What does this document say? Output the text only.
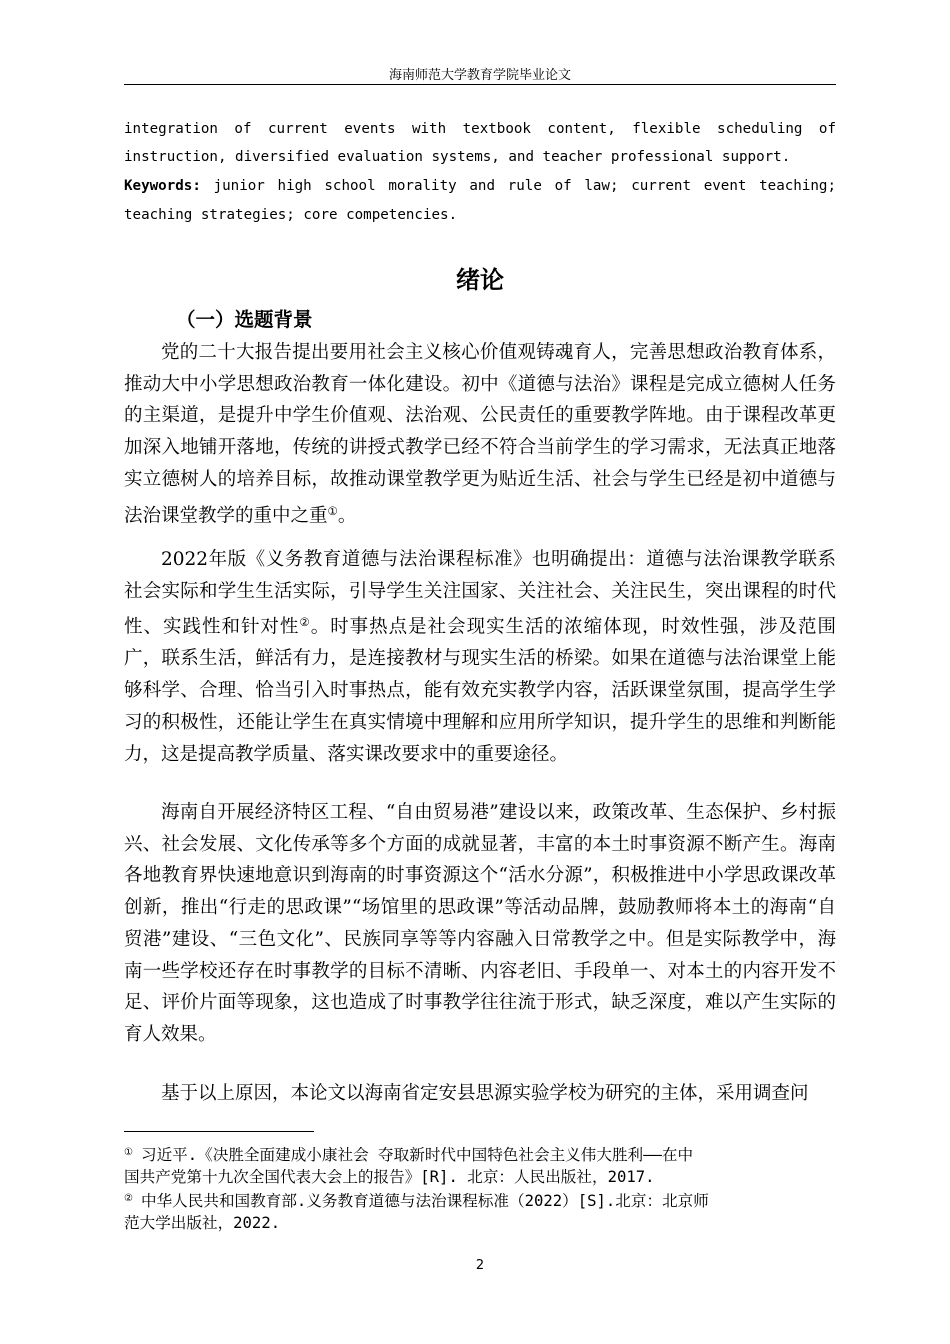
海南师范大学教育学院毕业论文
integration of current events with textbook content, flexible scheduling of
instruction, diversified evaluation systems, and teacher professional support.
Keywords: junior high school morality and rule of law; current event teaching;
teaching strategies; core competencies.
绪论
（一）选题背景

党的二十大报告提出要用社会主义核心价值观铸魂育人，完善思想政治教育体系，推动大中小学思想政治教育一体化建设。初中《道德与法治》课程是完成立德树人任务的主渠道，是提升中学生价值观、法治观、公民责任的重要教学阵地。由于课程改革更加深入地铺开落地，传统的讲授式教学已经不符合当前学生的学习需求，无法真正地落实立德树人的培养目标，故推动课堂教学更为贴近生活、社会与学生已经是初中道德与法治课堂教学的重中之重①。

2022年版《义务教育道德与法治课程标准》也明确提出：道德与法治课教学联系社会实际和学生生活实际，引导学生关注国家、关注社会、关注民生，突出课程的时代性、实践性和针对性②。时事热点是社会现实生活的浓缩体现，时效性强，涉及范围广，联系生活，鲜活有力，是连接教材与现实生活的桥梁。如果在道德与法治课堂上能够科学、合理、恰当引入时事热点，能有效充实教学内容，活跃课堂氛围，提高学生学习的积极性，还能让学生在真实情境中理解和应用所学知识，提升学生的思维和判断能力，这是提高教学质量、落实课改要求中的重要途径。

海南自开展经济特区工程、“自由贸易港”建设以来，政策改革、生态保护、乡村振兴、社会发展、文化传承等多个方面的成就显著，丰富的本土时事资源不断产生。海南各地教育界快速地意识到海南的时事资源这个“活水分源”，积极推进中小学思政课改革创新，推出“行走的思政课”“场馆里的思政课”等活动品牌，鼓励教师将本土的海南“自贸港”建设、“三色文化”、民族同享等等内容融入日常教学之中。但是实际教学中，海南一些学校还存在时事教学的目标不清晰、内容老旧、手段单一、对本土的内容开发不足、评价片面等现象，这也造成了时事教学往往流于形式，缺乏深度，难以产生实际的育人效果。

基于以上原因，本论文以海南省定安县思源实验学校为研究的主体，采用调查问

① 习近平.《决胜全面建成小康社会 夺取新时代中国特色社会主义伟大胜利——在中
国共产党第十九次全国代表大会上的报告》[R]. 北京：人民出版社，2017.
② 中华人民共和国教育部.义务教育道德与法治课程标准（2022）[S].北京：北京师
范大学出版社，2022.
2
